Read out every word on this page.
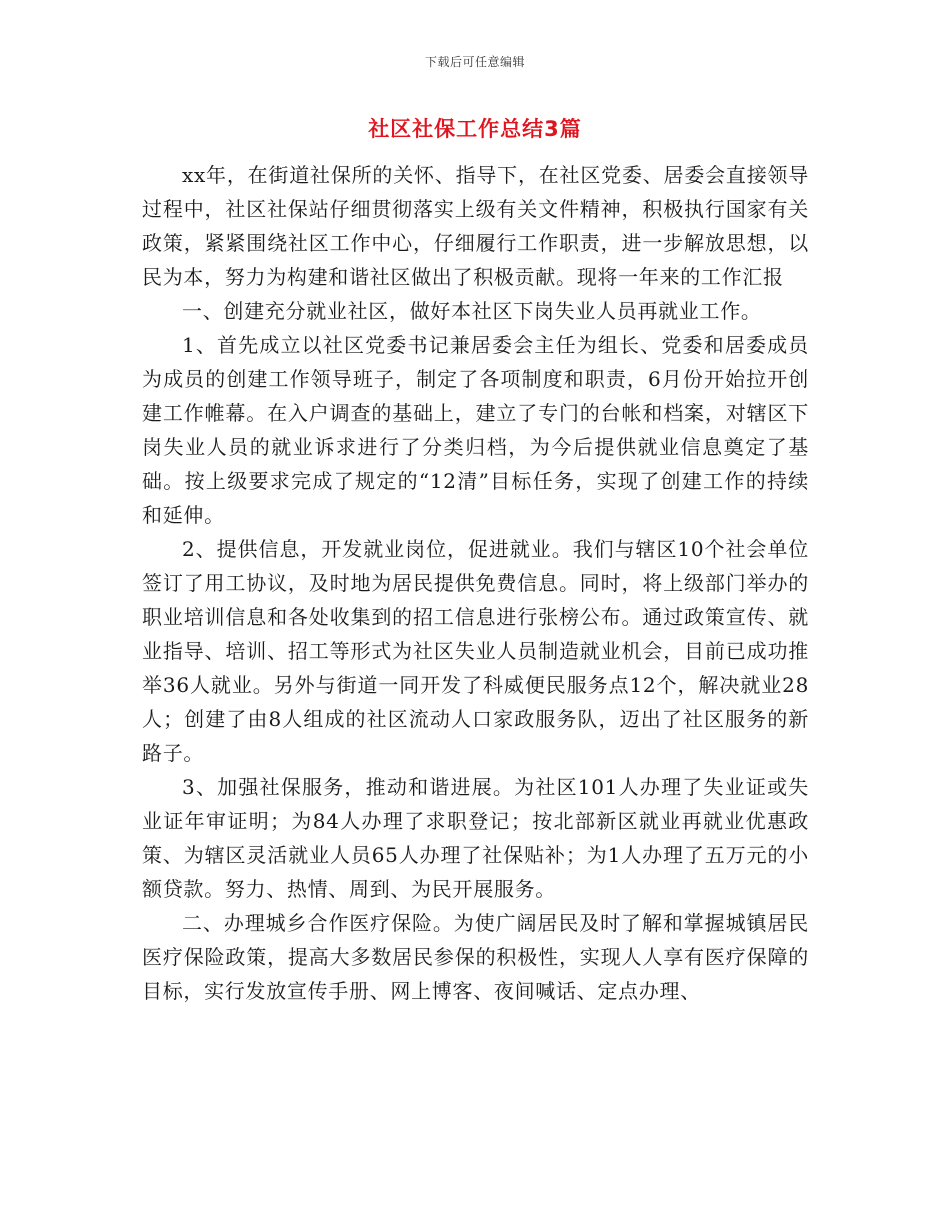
下载后可任意编辑
社区社保工作总结3篇

xx年，在街道社保所的关怀、指导下，在社区党委、居委会直接领导过程中，社区社保站仔细贯彻落实上级有关文件精神，积极执行国家有关政策，紧紧围绕社区工作中心，仔细履行工作职责，进一步解放思想，以民为本，努力为构建和谐社区做出了积极贡献。现将一年来的工作汇报

一、创建充分就业社区，做好本社区下岗失业人员再就业工作。

1、首先成立以社区党委书记兼居委会主任为组长、党委和居委成员为成员的创建工作领导班子，制定了各项制度和职责，6月份开始拉开创建工作帷幕。在入户调查的基础上，建立了专门的台帐和档案，对辖区下岗失业人员的就业诉求进行了分类归档，为今后提供就业信息奠定了基础。按上级要求完成了规定的“12清”目标任务，实现了创建工作的持续和延伸。

2、提供信息，开发就业岗位，促进就业。我们与辖区10个社会单位签订了用工协议，及时地为居民提供免费信息。同时，将上级部门举办的职业培训信息和各处收集到的招工信息进行张榜公布。通过政策宣传、就业指导、培训、招工等形式为社区失业人员制造就业机会，目前已成功推举36人就业。另外与街道一同开发了科威便民服务点12个，解决就业28人；创建了由8人组成的社区流动人口家政服务队，迈出了社区服务的新路子。

3、加强社保服务，推动和谐进展。为社区101人办理了失业证或失业证年审证明；为84人办理了求职登记；按北部新区就业再就业优惠政策、为辖区灵活就业人员65人办理了社保贴补；为1人办理了五万元的小额贷款。努力、热情、周到、为民开展服务。

二、办理城乡合作医疗保险。为使广阔居民及时了解和掌握城镇居民医疗保险政策，提高大多数居民参保的积极性，实现人人享有医疗保障的目标，实行发放宣传手册、网上博客、夜间喊话、定点办理、
